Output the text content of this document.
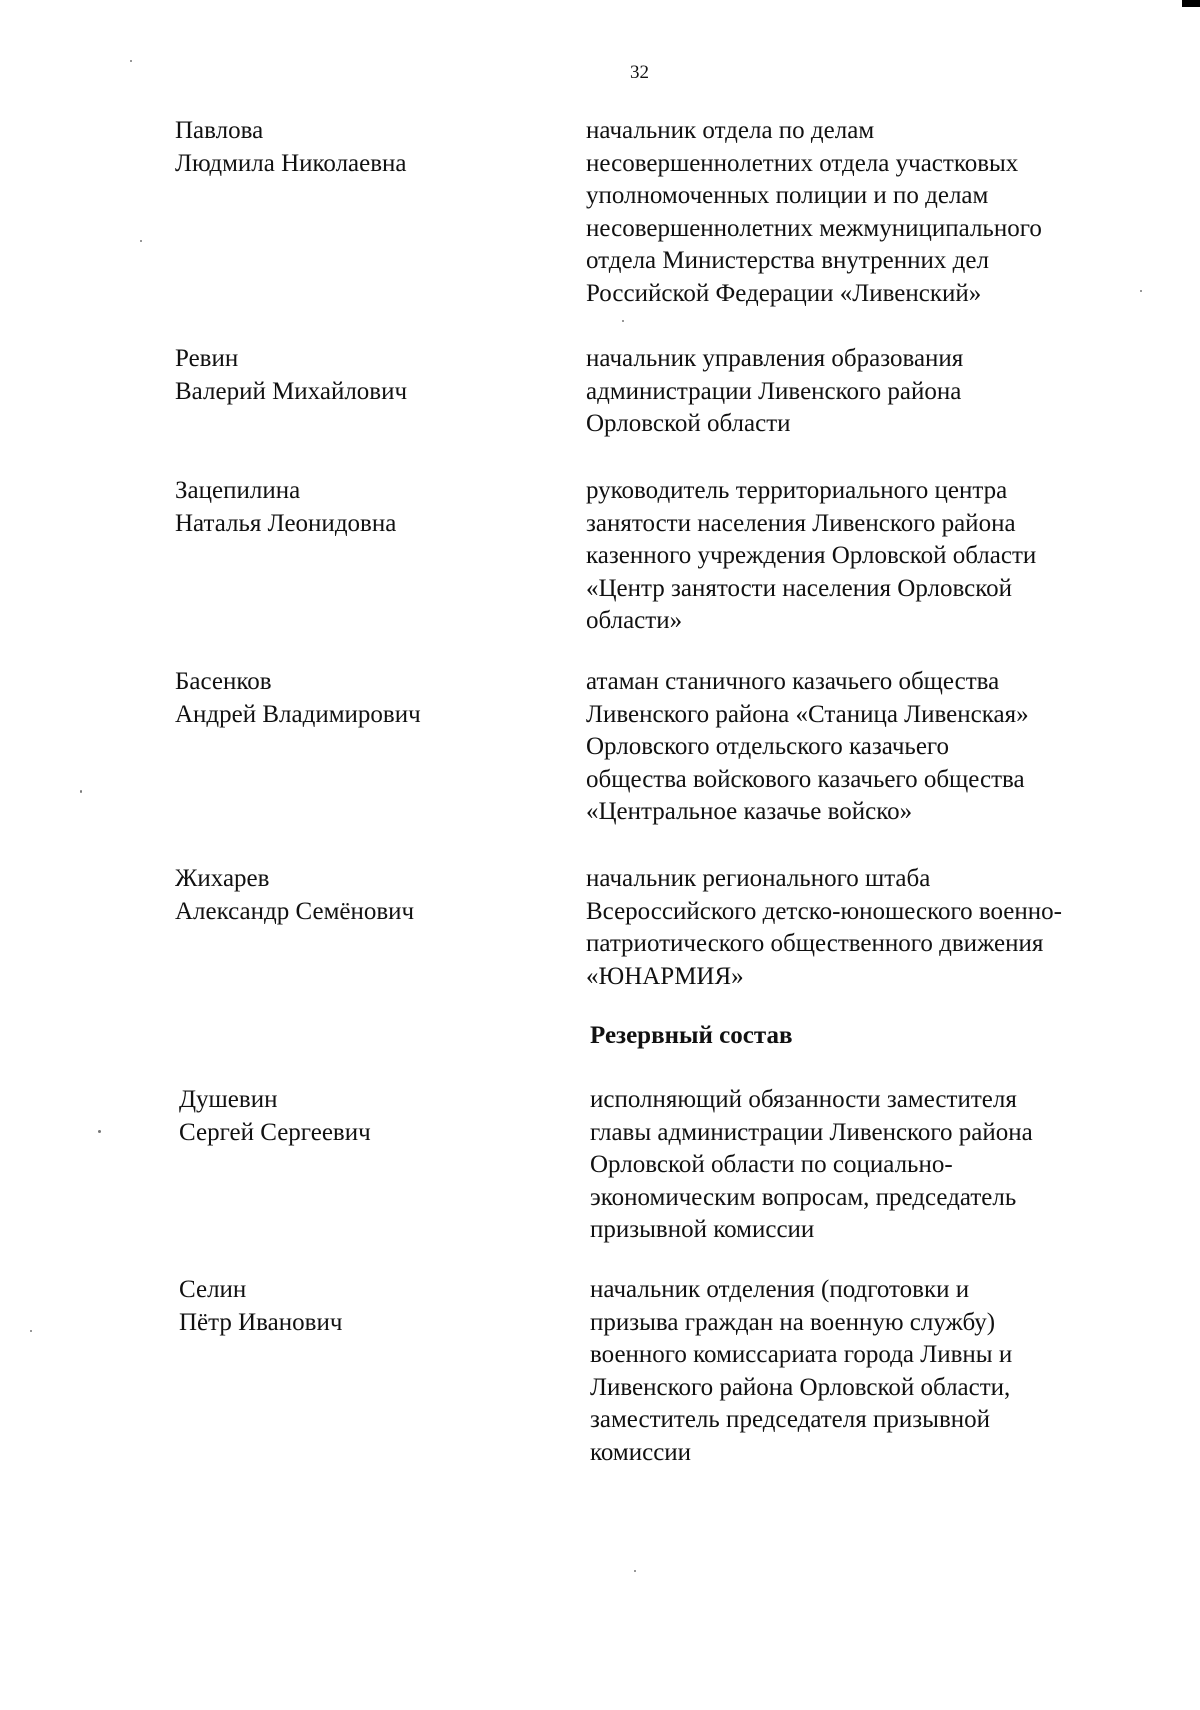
32
Павлова
Людмила Николаевна
начальник отдела по делам
несовершеннолетних отдела участковых
уполномоченных полиции и по делам
несовершеннолетних межмуниципального
отдела Министерства внутренних дел
Российской Федерации «Ливенский»
Ревин
Валерий Михайлович
начальник управления образования
администрации Ливенского района
Орловской области
Зацепилина
Наталья Леонидовна
руководитель территориального центра
занятости населения Ливенского района
казенного учреждения Орловской области
«Центр занятости населения Орловской
области»
Басенков
Андрей Владимирович
атаман станичного казачьего общества
Ливенского района «Станица Ливенская»
Орловского отдельского казачьего
общества войскового казачьего общества
«Центральное казачье войско»
Жихарев
Александр Семёнович
начальник регионального штаба
Всероссийского детско-юношеского военно-
патриотического общественного движения
«ЮНАРМИЯ»
Резервный состав
Душевин
Сергей Сергеевич
исполняющий обязанности заместителя
главы администрации Ливенского района
Орловской области по социально-
экономическим вопросам, председатель
призывной комиссии
Селин
Пётр Иванович
начальник отделения (подготовки и
призыва граждан на военную службу)
военного комиссариата города Ливны и
Ливенского района Орловской области,
заместитель председателя призывной
комиссии
